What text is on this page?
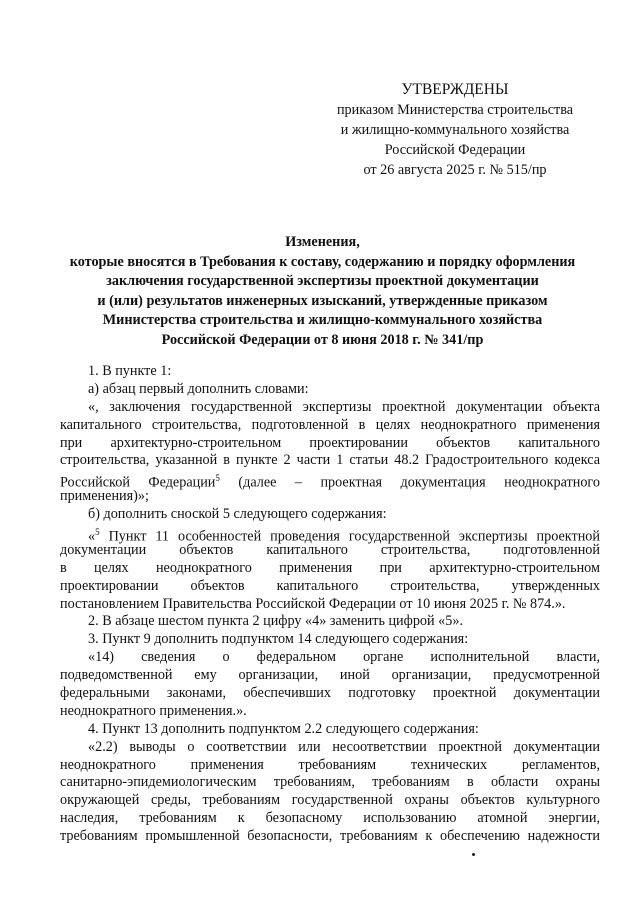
УТВЕРЖДЕНЫ
приказом Министерства строительства
и жилищно-коммунального хозяйства
Российской Федерации
от 26 августа 2025 г. № 515/пр
Изменения,
которые вносятся в Требования к составу, содержанию и порядку оформления
заключения государственной экспертизы проектной документации
и (или) результатов инженерных изысканий, утвержденные приказом
Министерства строительства и жилищно-коммунального хозяйства
Российской Федерации от 8 июня 2018 г. № 341/пр
1. В пункте 1:
а) абзац первый дополнить словами:
«, заключения государственной экспертизы проектной документации объекта
капитального строительства, подготовленной в целях неоднократного применения
при архитектурно-строительном проектировании объектов капитального
строительства, указанной в пункте 2 части 1 статьи 48.2 Градостроительного кодекса
Российской Федерации$^5$ (далее – проектная документация неоднократного
применения)»;
б) дополнить сноской 5 следующего содержания:
«$^5$ Пункт 11 особенностей проведения государственной экспертизы проектной
документации объектов капитального строительства, подготовленной
в целях неоднократного применения при архитектурно-строительном
проектировании объектов капитального строительства, утвержденных
постановлением Правительства Российской Федерации от 10 июня 2025 г. № 874.».
2. В абзаце шестом пункта 2 цифру «4» заменить цифрой «5».
3. Пункт 9 дополнить подпунктом 14 следующего содержания:
«14) сведения о федеральном органе исполнительной власти,
подведомственной ему организации, иной организации, предусмотренной
федеральными законами, обеспечивших подготовку проектной документации
неоднократного применения.».
4. Пункт 13 дополнить подпунктом 2.2 следующего содержания:
«2.2) выводы о соответствии или несоответствии проектной документации
неоднократного применения требованиям технических регламентов,
санитарно-эпидемиологическим требованиям, требованиям в области охраны
окружающей среды, требованиям государственной охраны объектов культурного
наследия, требованиям к безопасному использованию атомной энергии,
требованиям промышленной безопасности, требованиям к обеспечению надежности
